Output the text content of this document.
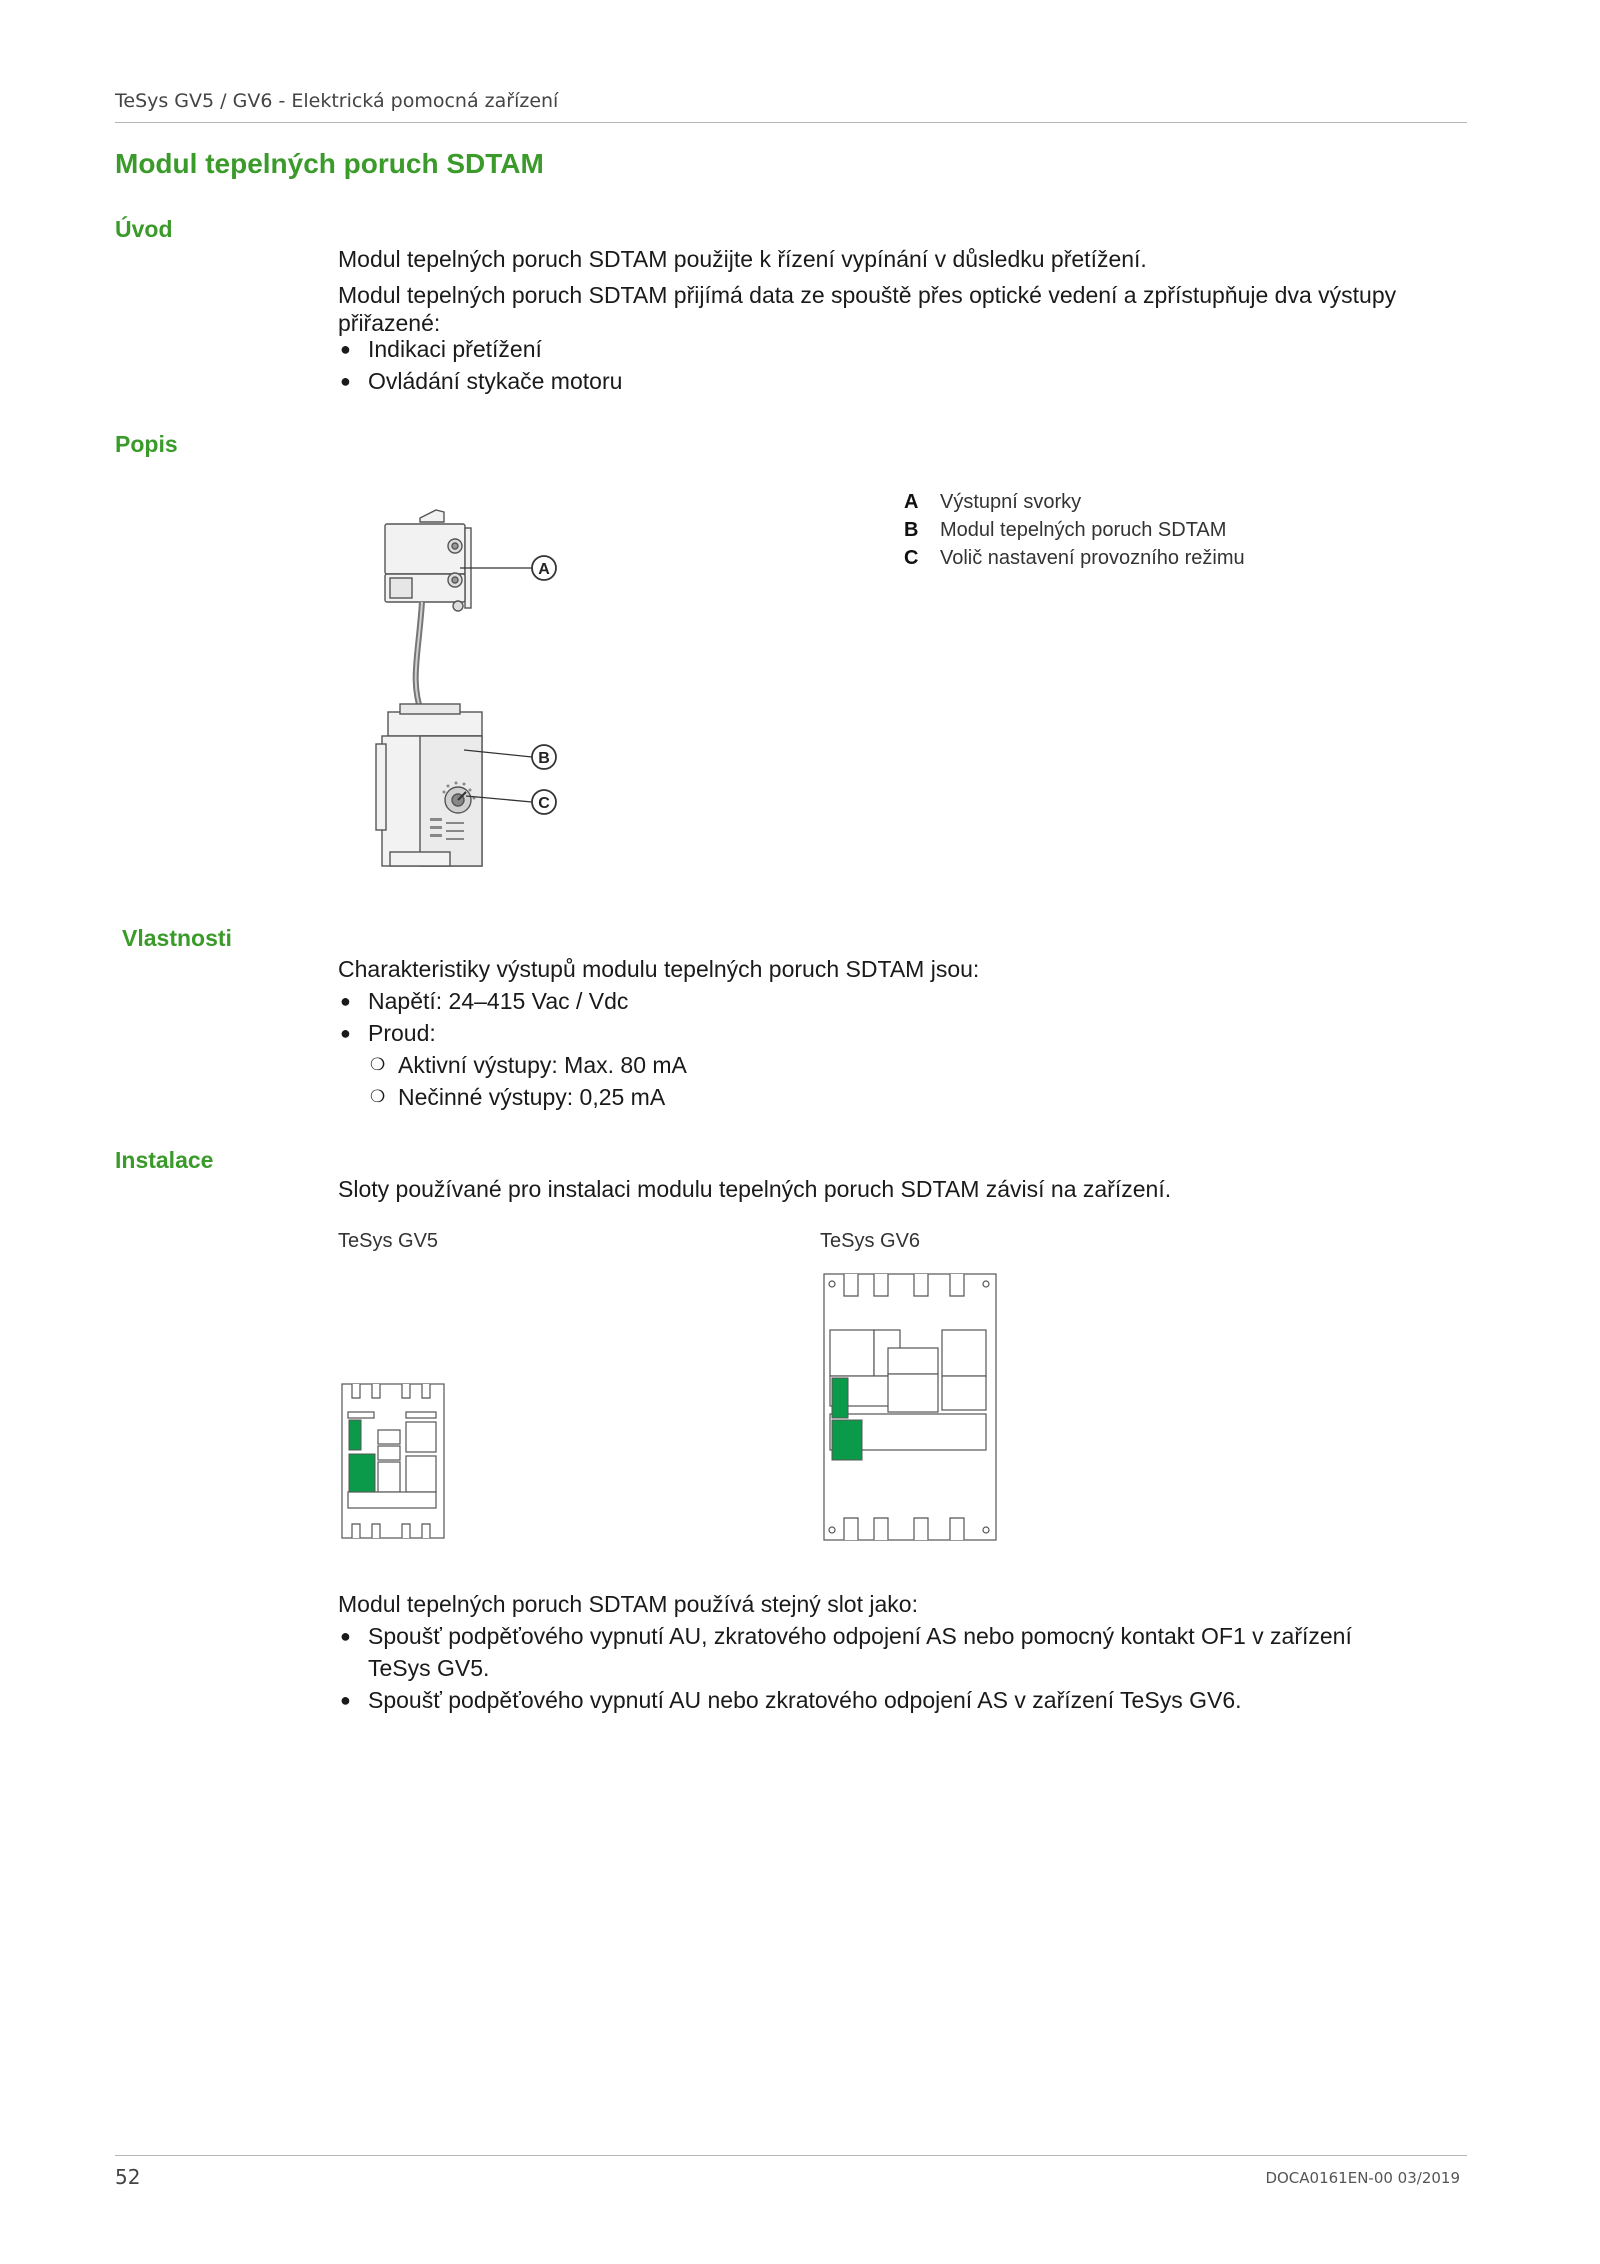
TeSys GV5 / GV6 - Elektrická pomocná zařízení
Modul tepelných poruch SDTAM
Úvod
Modul tepelných poruch SDTAM použijte k řízení vypínání v důsledku přetížení.
Modul tepelných poruch SDTAM přijímá data ze spouště přes optické vedení a zpřístupňuje dva výstupy
přiřazené:
● Indikaci přetížení
● Ovládání stykače motoru
Popis
A
B
C
A Výstupní svorky
B Modul tepelných poruch SDTAM
C Volič nastavení provozního režimu
Vlastnosti
Charakteristiky výstupů modulu tepelných poruch SDTAM jsou:
● Napětí: 24–415 Vac / Vdc
● Proud:
❍ Aktivní výstupy: Max. 80 mA
❍ Nečinné výstupy: 0,25 mA
Instalace
Sloty používané pro instalaci modulu tepelných poruch SDTAM závisí na zařízení.
TeSys GV5	TeSys GV6
Modul tepelných poruch SDTAM používá stejný slot jako:
● Spoušť podpěťového vypnutí AU, zkratového odpojení AS nebo pomocný kontakt OF1 v zařízení
TeSys GV5.
● Spoušť podpěťového vypnutí AU nebo zkratového odpojení AS v zařízení TeSys GV6.
52	DOCA0161EN-00 03/2019
